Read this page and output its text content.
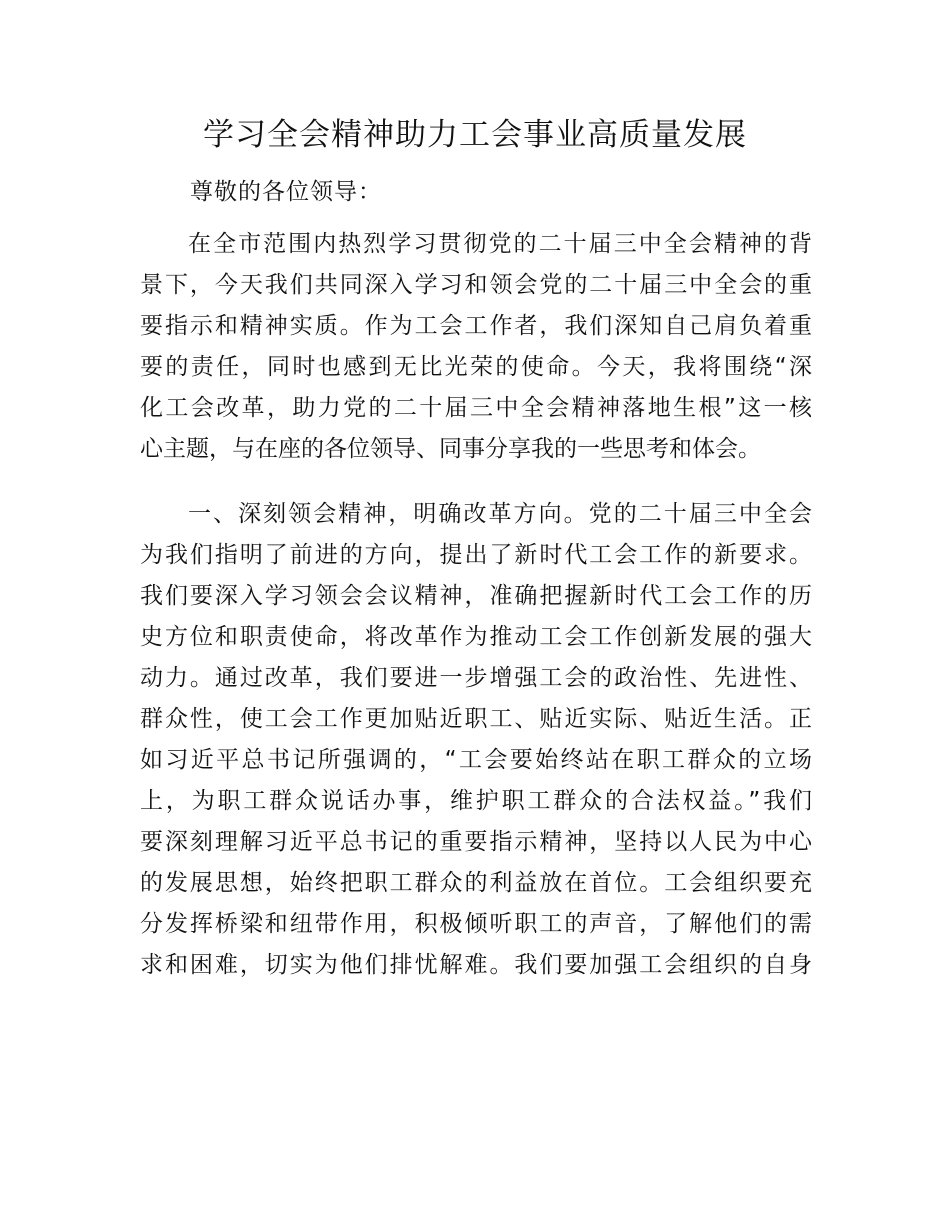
学习全会精神助力工会事业高质量发展
尊敬的各位领导：
在全市范围内热烈学习贯彻党的二十届三中全会精神的背
景下，今天我们共同深入学习和领会党的二十届三中全会的重
要指示和精神实质。作为工会工作者，我们深知自己肩负着重
要的责任，同时也感到无比光荣的使命。今天，我将围绕“深
化工会改革，助力党的二十届三中全会精神落地生根”这一核
心主题，与在座的各位领导、同事分享我的一些思考和体会。
一、深刻领会精神，明确改革方向。党的二十届三中全会
为我们指明了前进的方向，提出了新时代工会工作的新要求。
我们要深入学习领会会议精神，准确把握新时代工会工作的历
史方位和职责使命，将改革作为推动工会工作创新发展的强大
动力。通过改革，我们要进一步增强工会的政治性、先进性、
群众性，使工会工作更加贴近职工、贴近实际、贴近生活。正
如习近平总书记所强调的，“工会要始终站在职工群众的立场
上，为职工群众说话办事，维护职工群众的合法权益。”我们
要深刻理解习近平总书记的重要指示精神，坚持以人民为中心
的发展思想，始终把职工群众的利益放在首位。工会组织要充
分发挥桥梁和纽带作用，积极倾听职工的声音，了解他们的需
求和困难，切实为他们排忧解难。我们要加强工会组织的自身
